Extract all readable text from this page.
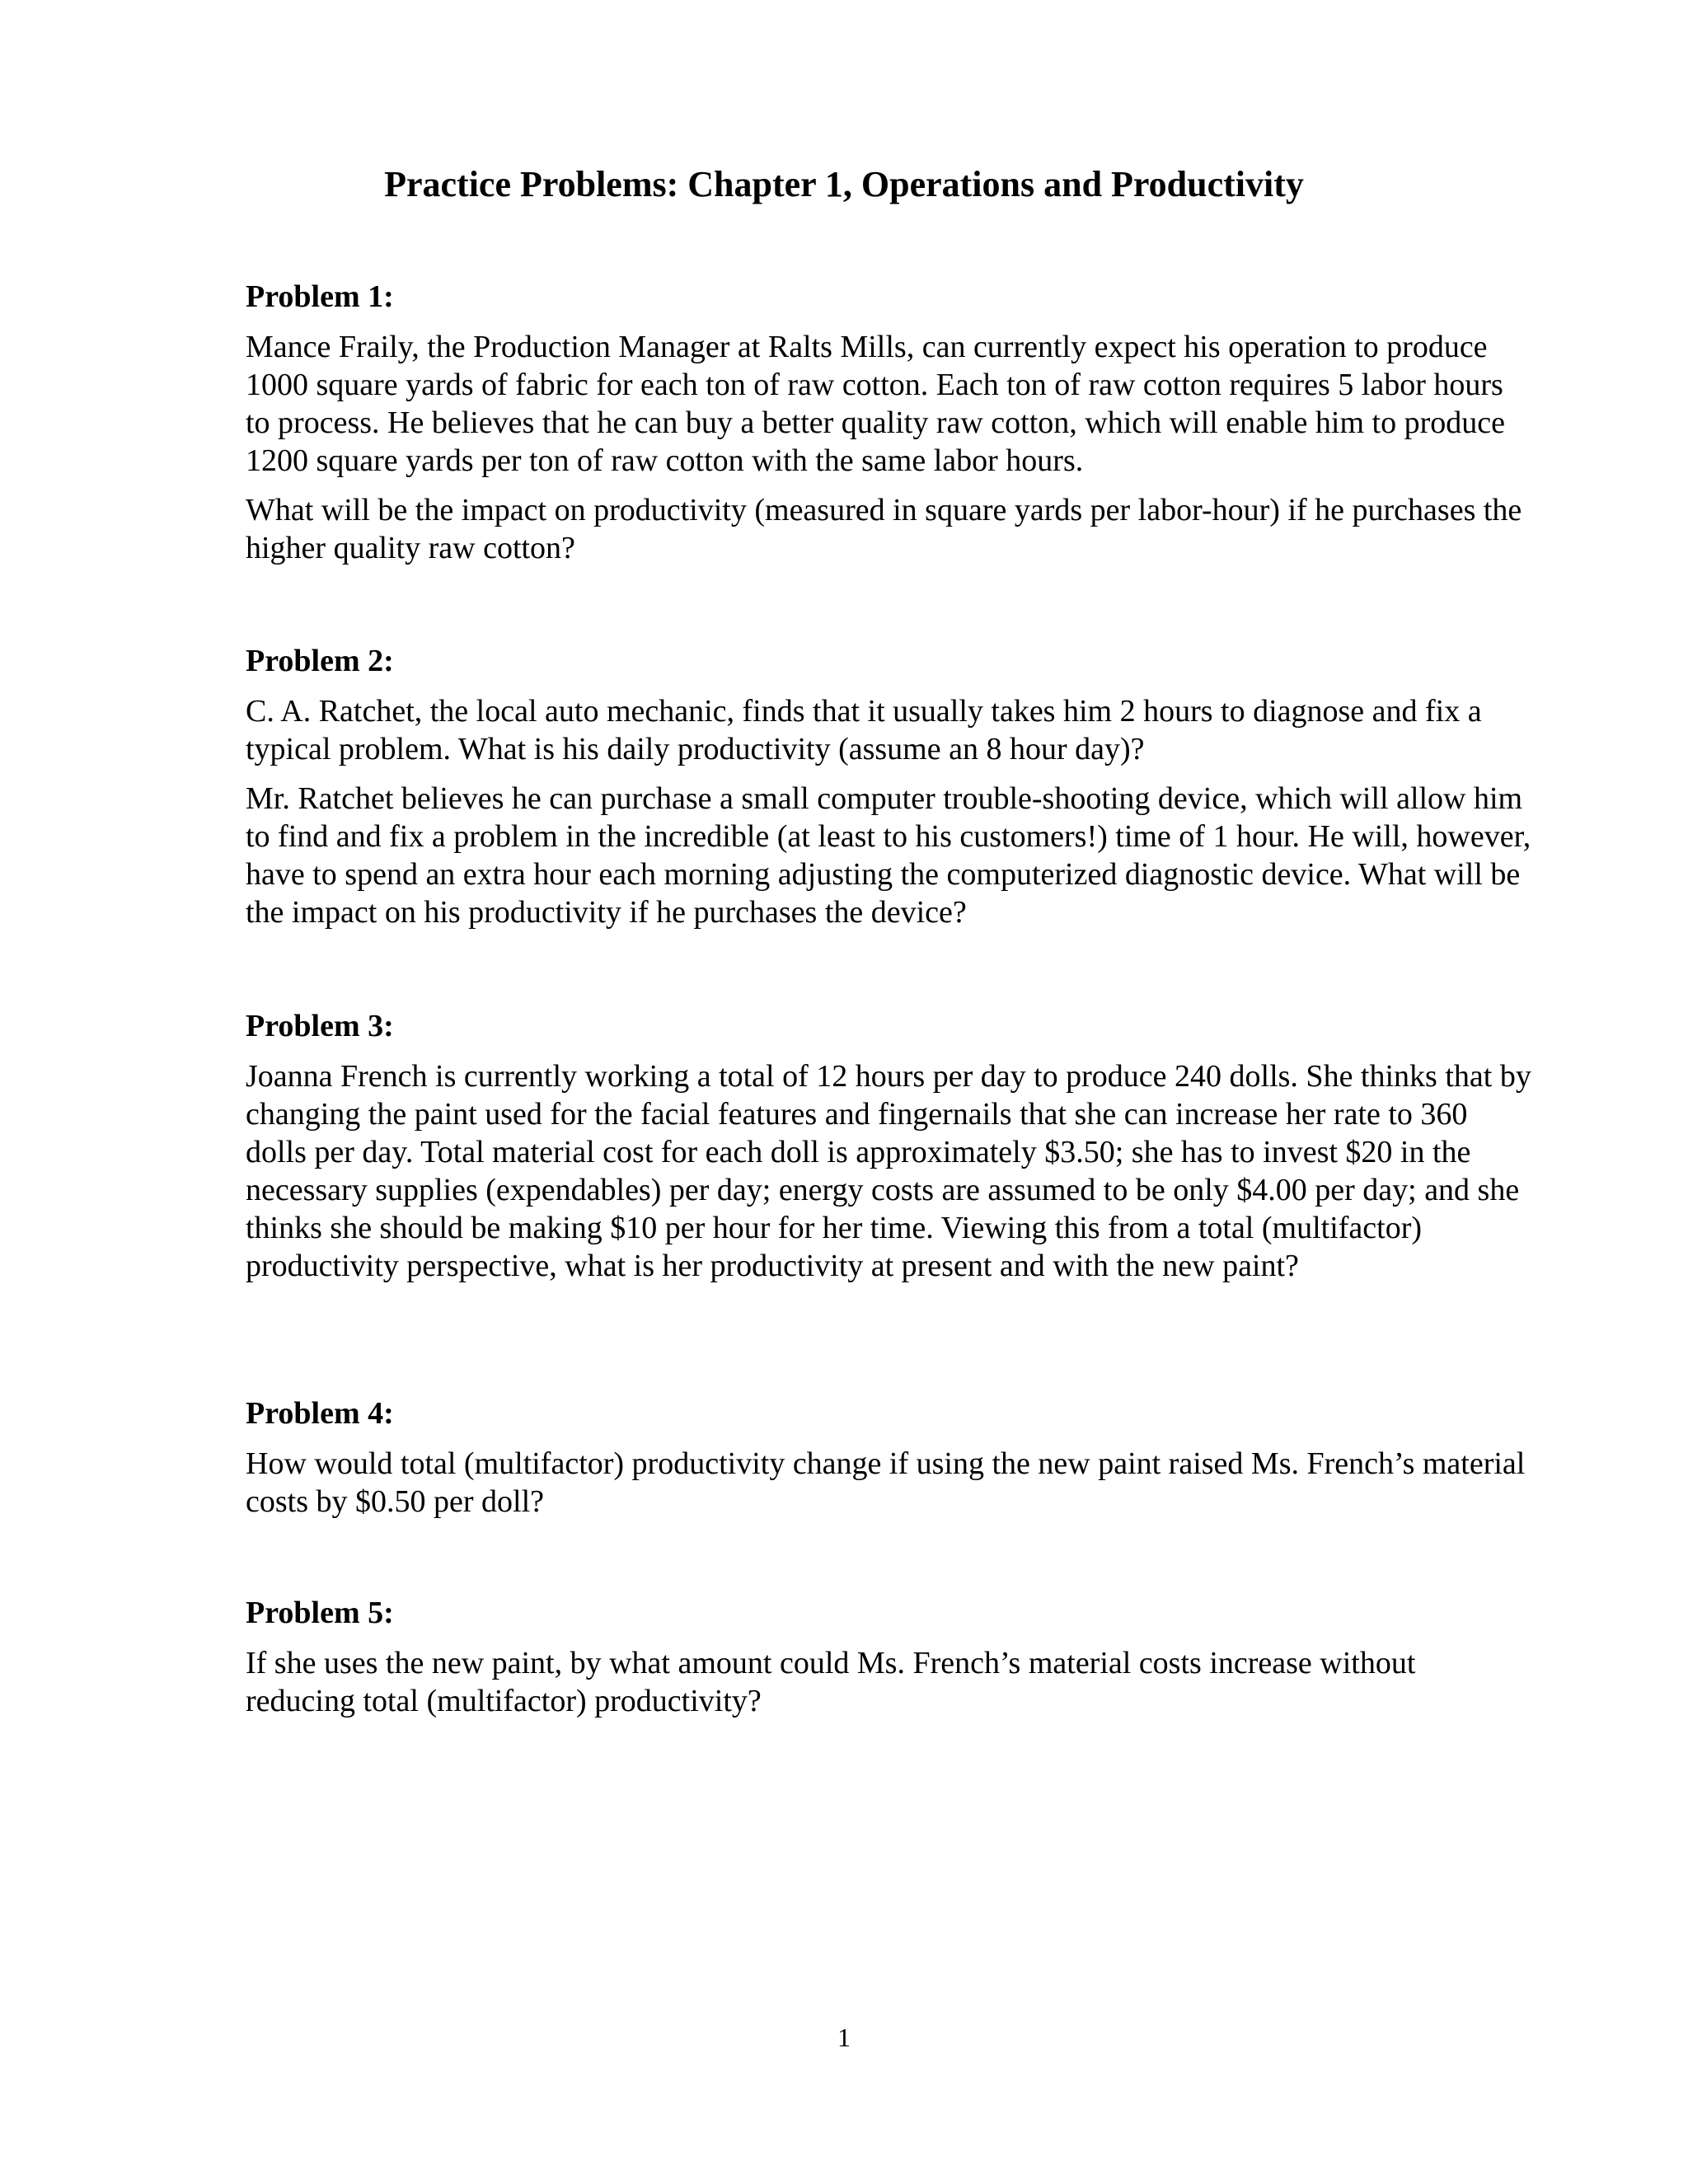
Practice Problems: Chapter 1, Operations and Productivity
Problem 1:

Mance Fraily, the Production Manager at Ralts Mills, can currently expect his operation to produce 1000 square yards of fabric for each ton of raw cotton. Each ton of raw cotton requires 5 labor hours to process. He believes that he can buy a better quality raw cotton, which will enable him to produce 1200 square yards per ton of raw cotton with the same labor hours.

What will be the impact on productivity (measured in square yards per labor-hour) if he purchases the higher quality raw cotton?

Problem 2:

C. A. Ratchet, the local auto mechanic, finds that it usually takes him 2 hours to diagnose and fix a typical problem. What is his daily productivity (assume an 8 hour day)?

Mr. Ratchet believes he can purchase a small computer trouble-shooting device, which will allow him to find and fix a problem in the incredible (at least to his customers!) time of 1 hour. He will, however, have to spend an extra hour each morning adjusting the computerized diagnostic device. What will be the impact on his productivity if he purchases the device?

Problem 3:

Joanna French is currently working a total of 12 hours per day to produce 240 dolls. She thinks that by changing the paint used for the facial features and fingernails that she can increase her rate to 360 dolls per day. Total material cost for each doll is approximately $3.50; she has to invest $20 in the necessary supplies (expendables) per day; energy costs are assumed to be only $4.00 per day; and she thinks she should be making $10 per hour for her time. Viewing this from a total (multifactor) productivity perspective, what is her productivity at present and with the new paint?

Problem 4:

How would total (multifactor) productivity change if using the new paint raised Ms. French’s material costs by $0.50 per doll?

Problem 5:

If she uses the new paint, by what amount could Ms. French’s material costs increase without reducing total (multifactor) productivity?

1
